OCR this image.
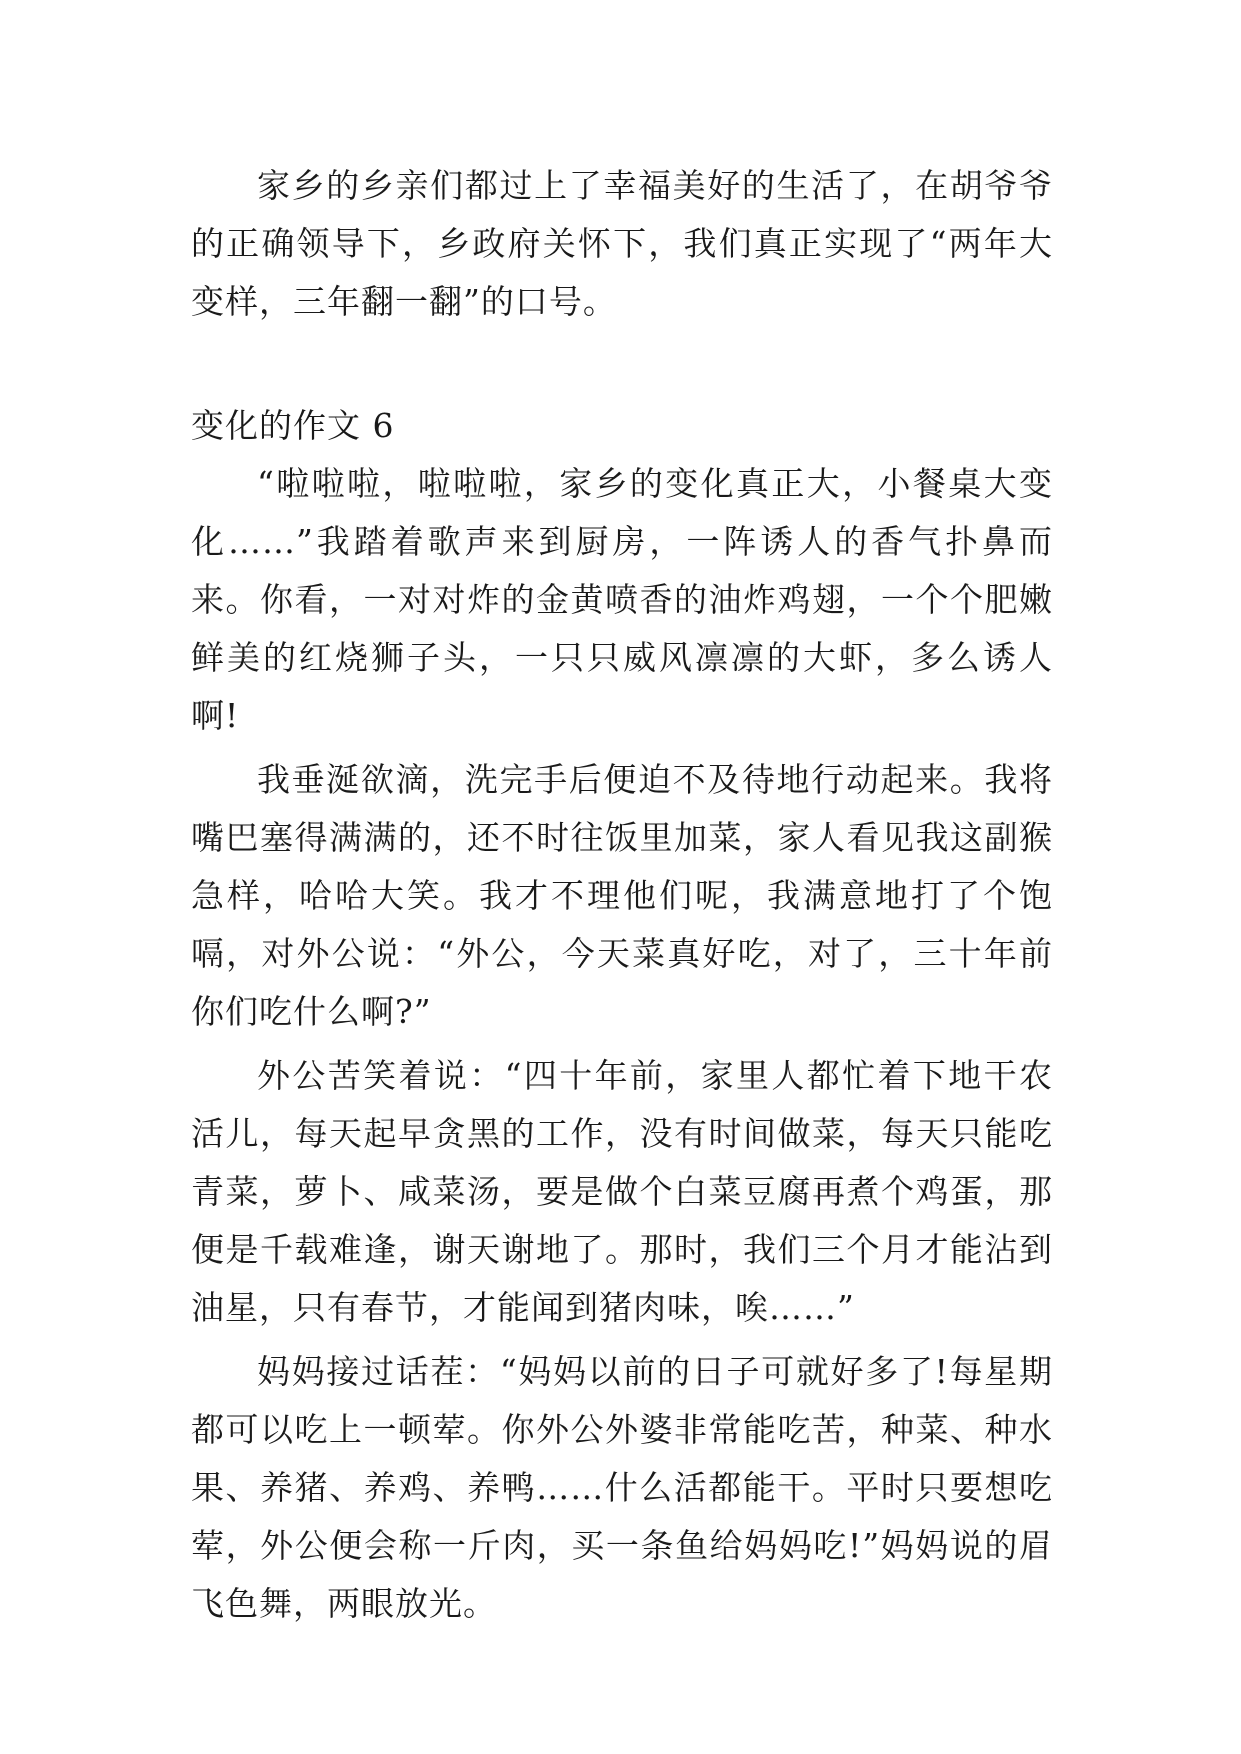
家乡的乡亲们都过上了幸福美好的生活了，在胡爷爷的正确领导下，乡政府关怀下，我们真正实现了“两年大变样，三年翻一翻”的口号。

变化的作文 6

“啦啦啦，啦啦啦，家乡的变化真正大，小餐桌大变化……”我踏着歌声来到厨房，一阵诱人的香气扑鼻而来。你看，一对对炸的金黄喷香的油炸鸡翅，一个个肥嫩鲜美的红烧狮子头，一只只威风凛凛的大虾，多么诱人啊!

我垂涎欲滴，洗完手后便迫不及待地行动起来。我将嘴巴塞得满满的，还不时往饭里加菜，家人看见我这副猴急样，哈哈大笑。我才不理他们呢，我满意地打了个饱嗝，对外公说：“外公，今天菜真好吃，对了，三十年前你们吃什么啊?”

外公苦笑着说：“四十年前，家里人都忙着下地干农活儿，每天起早贪黑的工作，没有时间做菜，每天只能吃青菜，萝卜、咸菜汤，要是做个白菜豆腐再煮个鸡蛋，那便是千载难逢，谢天谢地了。那时，我们三个月才能沾到油星，只有春节，才能闻到猪肉味，唉……”

妈妈接过话茬：“妈妈以前的日子可就好多了!每星期都可以吃上一顿荤。你外公外婆非常能吃苦，种菜、种水果、养猪、养鸡、养鸭……什么活都能干。平时只要想吃荤，外公便会称一斤肉，买一条鱼给妈妈吃!”妈妈说的眉飞色舞，两眼放光。
